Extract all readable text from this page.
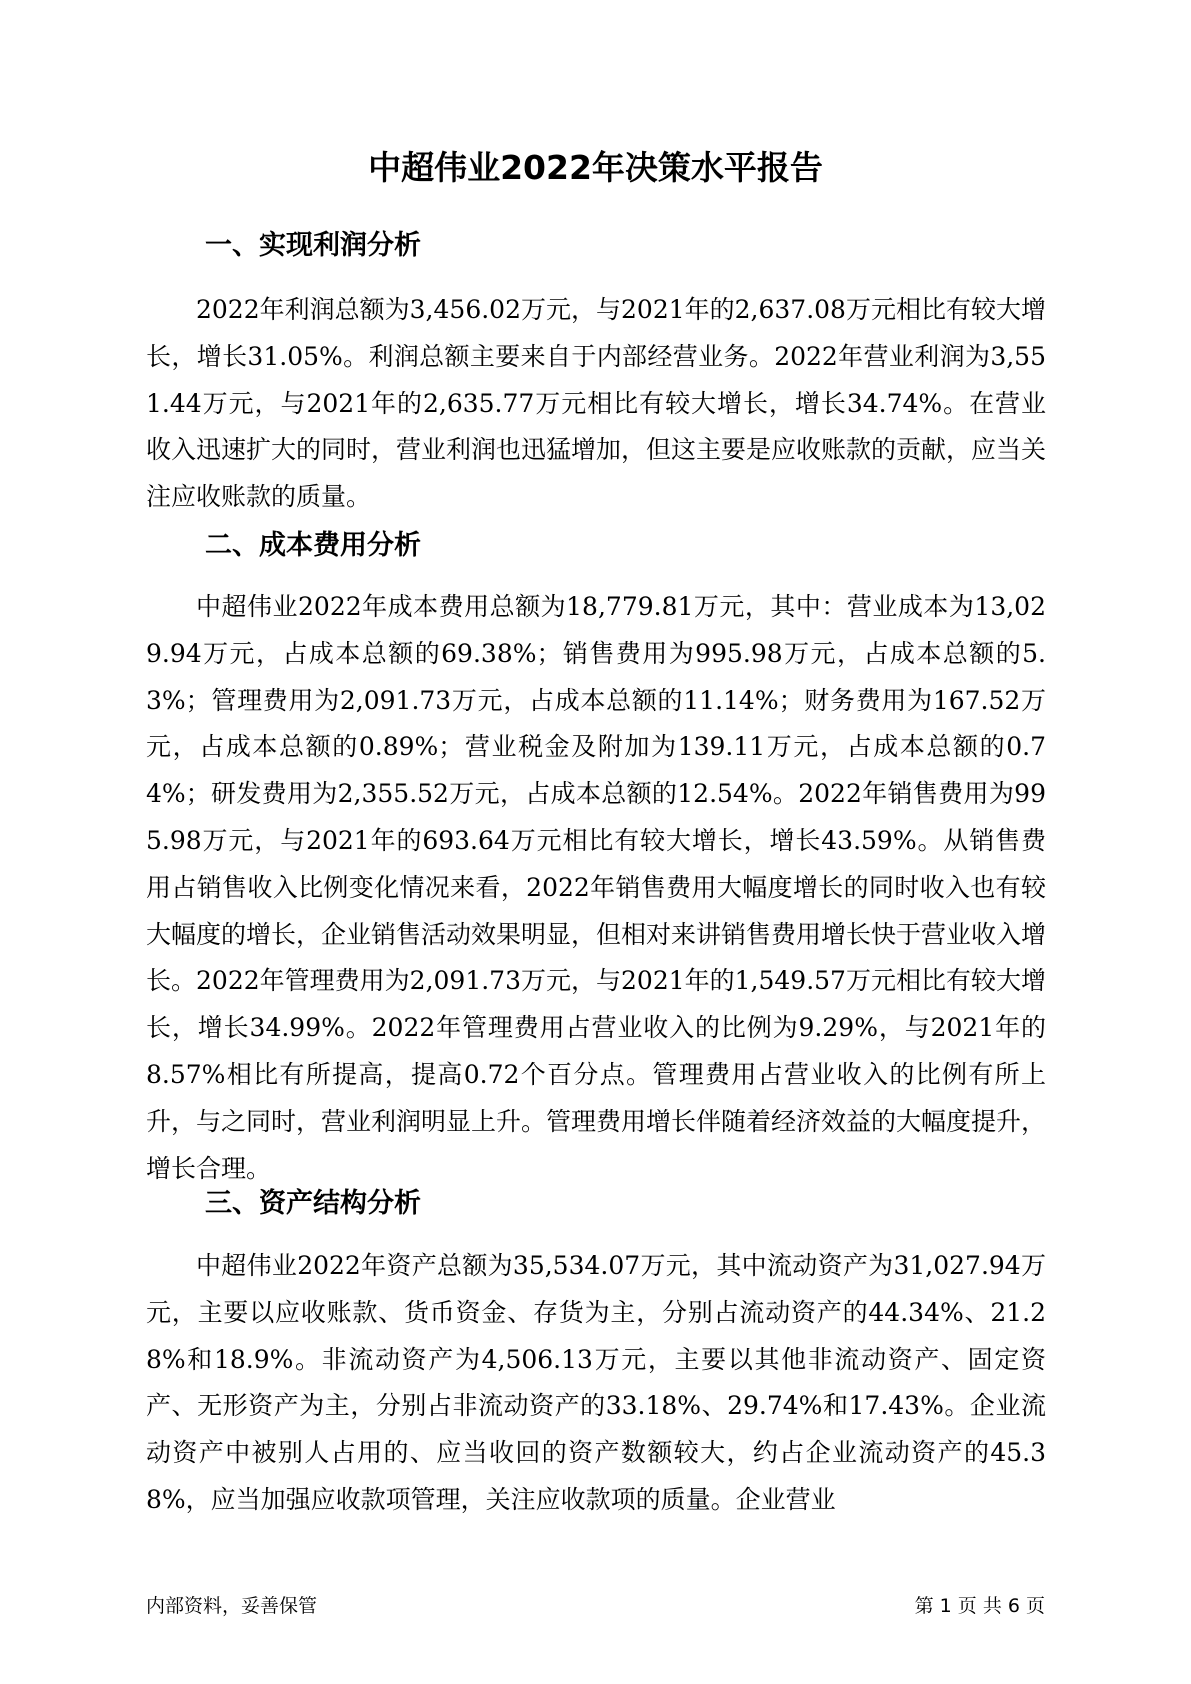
中超伟业2022年决策水平报告
一、实现利润分析

2022年利润总额为3,456.02万元，与2021年的2,637.08万元相比有较大增长，增长31.05%。利润总额主要来自于内部经营业务。2022年营业利润为3,551.44万元，与2021年的2,635.77万元相比有较大增长，增长34.74%。在营业收入迅速扩大的同时，营业利润也迅猛增加，但这主要是应收账款的贡献，应当关注应收账款的质量。

二、成本费用分析

中超伟业2022年成本费用总额为18,779.81万元，其中：营业成本为13,029.94万元，占成本总额的69.38%；销售费用为995.98万元，占成本总额的5.3%；管理费用为2,091.73万元，占成本总额的11.14%；财务费用为167.52万元，占成本总额的0.89%；营业税金及附加为139.11万元，占成本总额的0.74%；研发费用为2,355.52万元，占成本总额的12.54%。2022年销售费用为995.98万元，与2021年的693.64万元相比有较大增长，增长43.59%。从销售费用占销售收入比例变化情况来看，2022年销售费用大幅度增长的同时收入也有较大幅度的增长，企业销售活动效果明显，但相对来讲销售费用增长快于营业收入增长。2022年管理费用为2,091.73万元，与2021年的1,549.57万元相比有较大增长，增长34.99%。2022年管理费用占营业收入的比例为9.29%，与2021年的8.57%相比有所提高，提高0.72个百分点。管理费用占营业收入的比例有所上升，与之同时，营业利润明显上升。管理费用增长伴随着经济效益的大幅度提升，增长合理。

三、资产结构分析

中超伟业2022年资产总额为35,534.07万元，其中流动资产为31,027.94万元，主要以应收账款、货币资金、存货为主，分别占流动资产的44.34%、21.28%和18.9%。非流动资产为4,506.13万元，主要以其他非流动资产、固定资产、无形资产为主，分别占非流动资产的33.18%、29.74%和17.43%。企业流动资产中被别人占用的、应当收回的资产数额较大，约占企业流动资产的45.38%，应当加强应收款项管理，关注应收款项的质量。企业营业

内部资料，妥善保管	第 1 页 共 6 页
